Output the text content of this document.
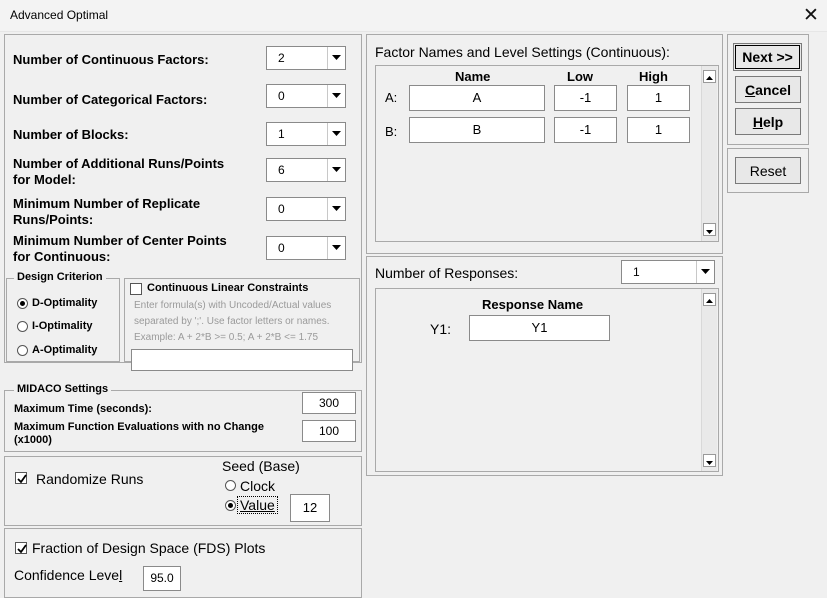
Advanced Optimal	✕
Number of Continuous Factors:	2
Number of Categorical Factors:	0
Number of Blocks:	1
Number of Additional Runs/Points
for Model:
6
Minimum Number of Replicate
Runs/Points:
0
Minimum Number of Center Points
for Continuous:
0
Design Criterion
D-Optimality
I-Optimality
A-Optimality
Continuous Linear Constraints
Enter formula(s) with Uncoded/Actual values
separated by ';'. Use factor letters or names.
Example: A + 2*B >= 0.5; A + 2*B <= 1.75
MIDACO Settings
Maximum Time (seconds):	300
Maximum Function Evaluations with no Change
(x1000)
100
Randomize Runs
Seed (Base)
Clock
Value	12
Fraction of Design Space (FDS) Plots
Confidence Level	95.0
Factor Names and Level Settings (Continuous):
Name	Low	High
A:	A	-1	1
B:	B	-1	1
Number of Responses:	1
Response Name
Y1:	Y1
Next >>
Cancel
Help
Reset
